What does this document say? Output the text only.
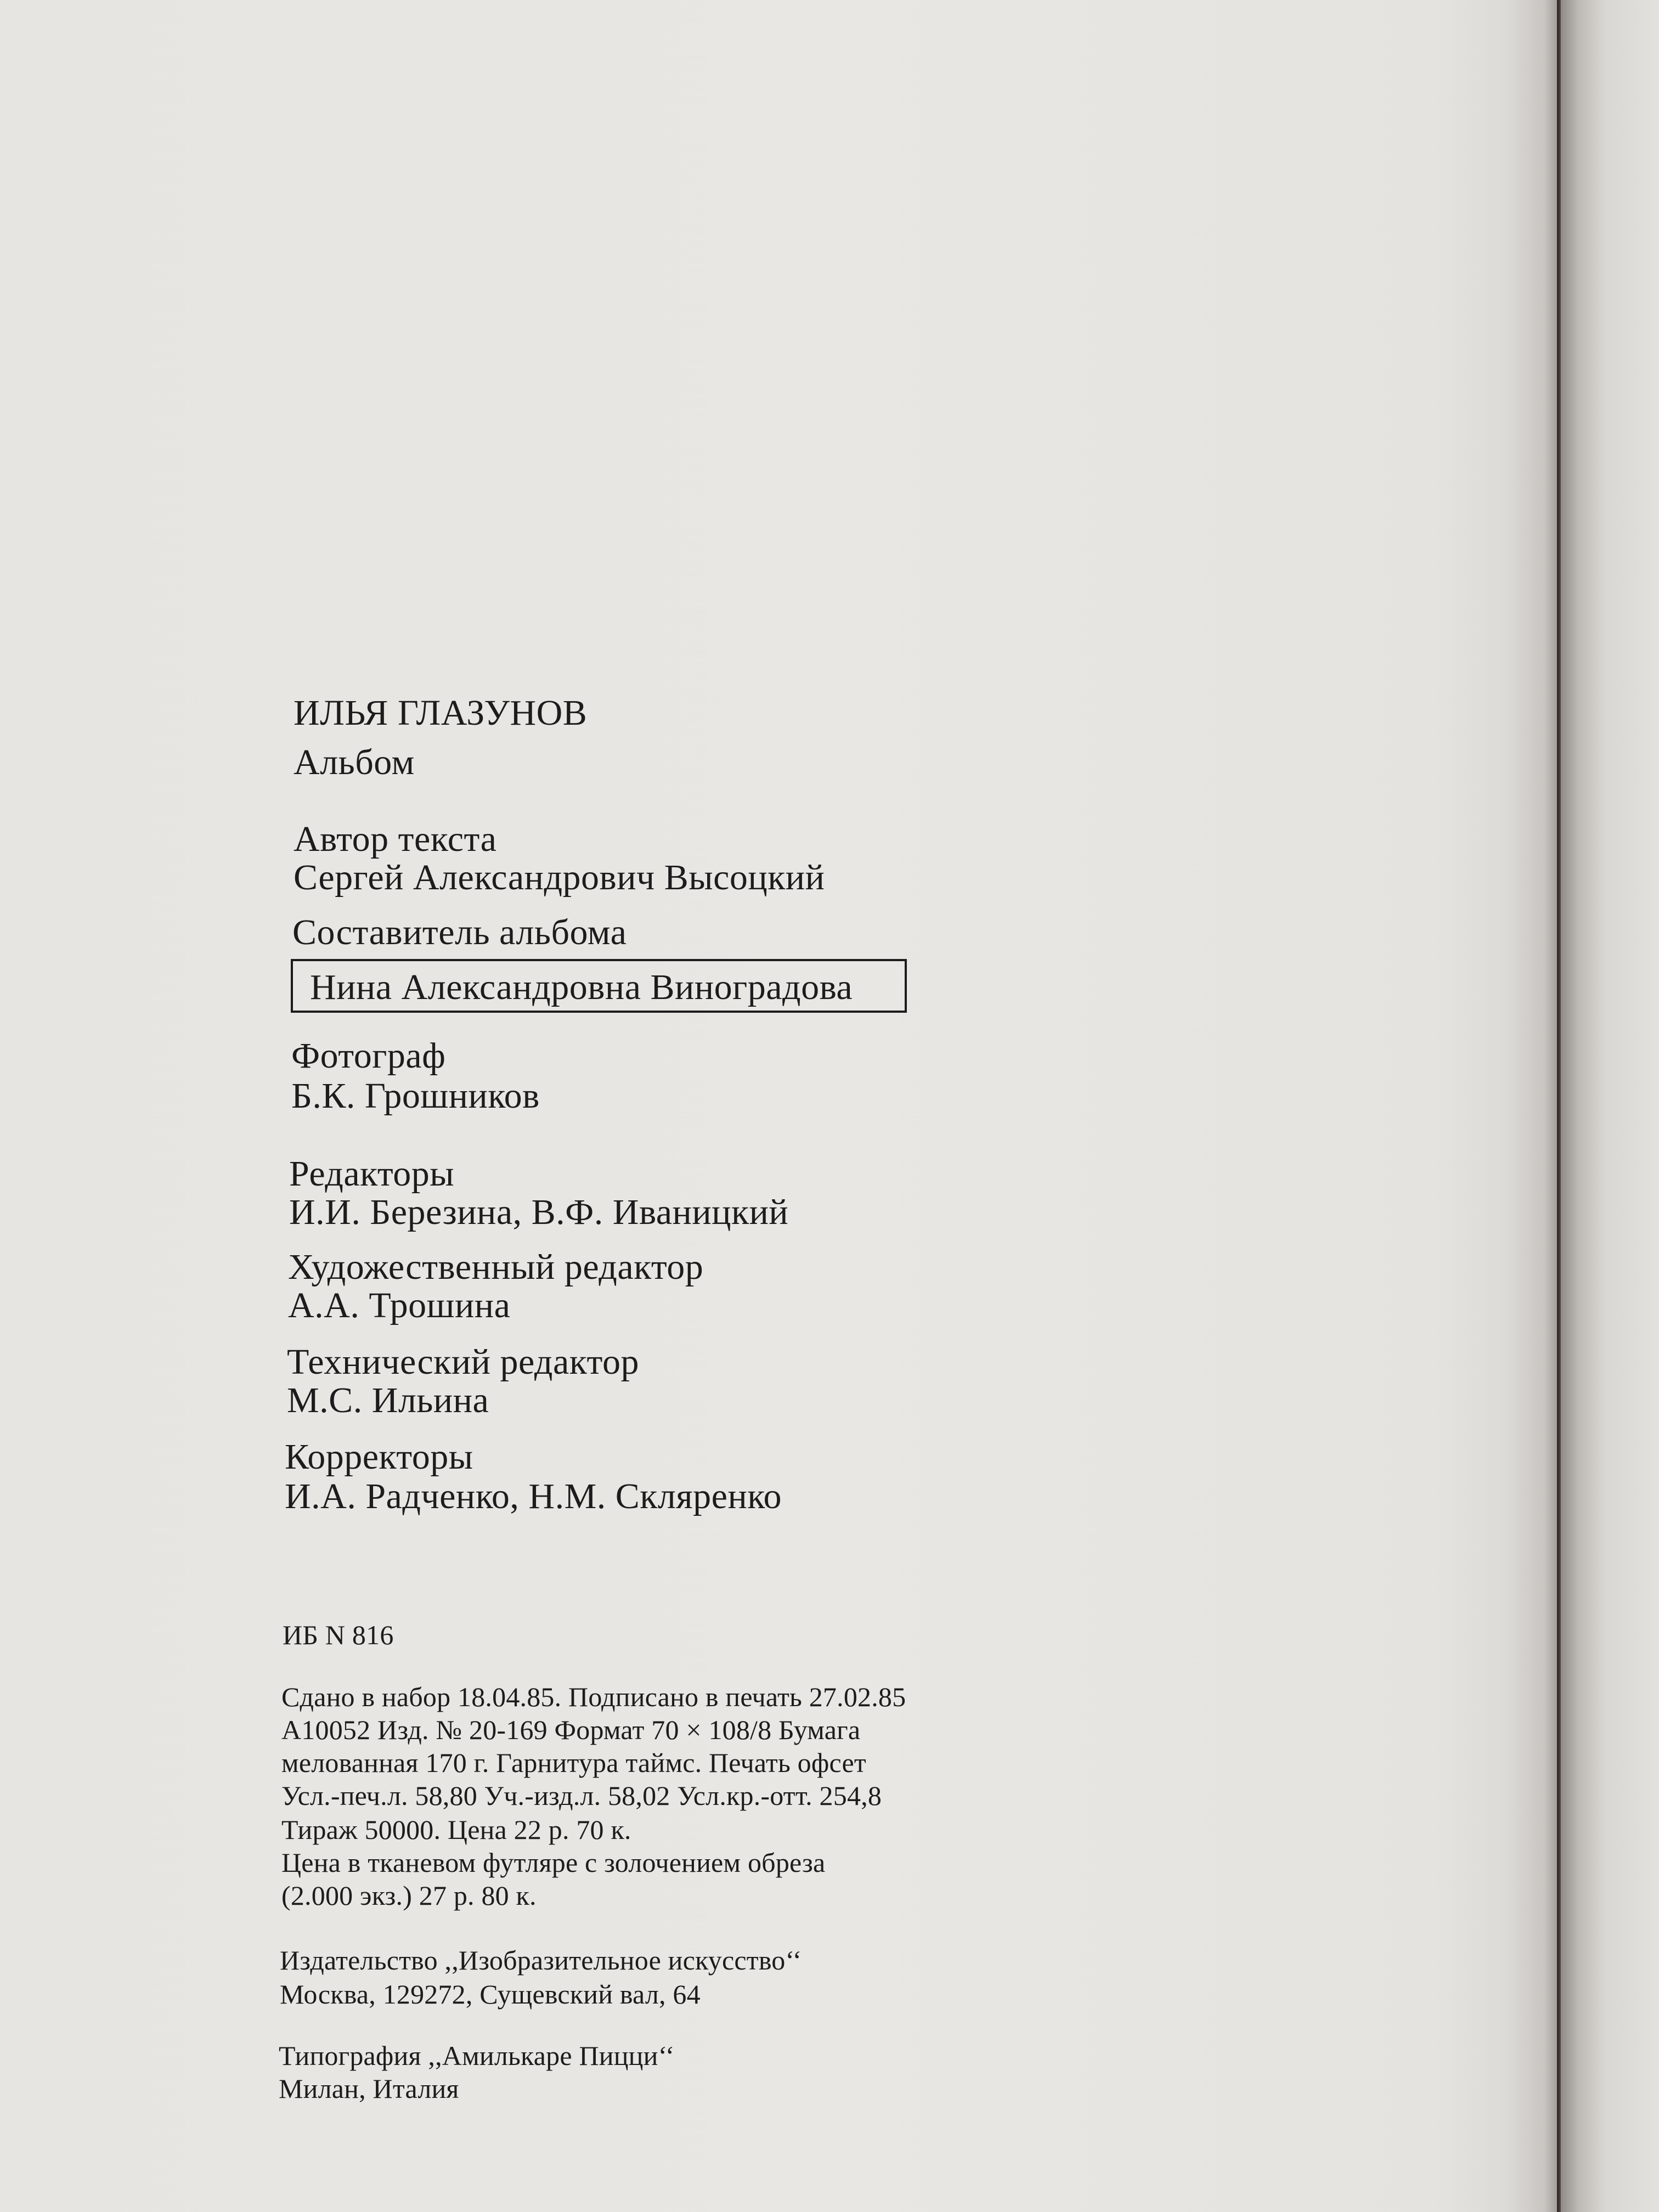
ИЛЬЯ ГЛАЗУНОВ
Альбом
Автор текста
Сергей Александрович Высоцкий
Составитель альбома
Нина Александровна Виноградова
Фотограф
Б.К. Грошников
Редакторы
И.И. Березина, В.Ф. Иваницкий
Художественный редактор
А.А. Трошина
Технический редактор
М.С. Ильина
Корректоры
И.А. Радченко, Н.М. Скляренко
ИБ N 816
Сдано в набор 18.04.85. Подписано в печать 27.02.85
А10052 Изд. № 20-169 Формат 70 × 108/8 Бумага
мелованная 170 г. Гарнитура таймс. Печать офсет
Усл.-печ.л. 58,80 Уч.-изд.л. 58,02 Усл.кр.-отт. 254,8
Тираж 50000. Цена 22 р. 70 к.
Цена в тканевом футляре с золочением обреза
(2.000 экз.) 27 р. 80 к.
Издательство ,,Изобразительное искусство‘‘
Москва, 129272, Сущевский вал, 64
Типография ,,Амилькаре Пицци‘‘
Милан, Италия
